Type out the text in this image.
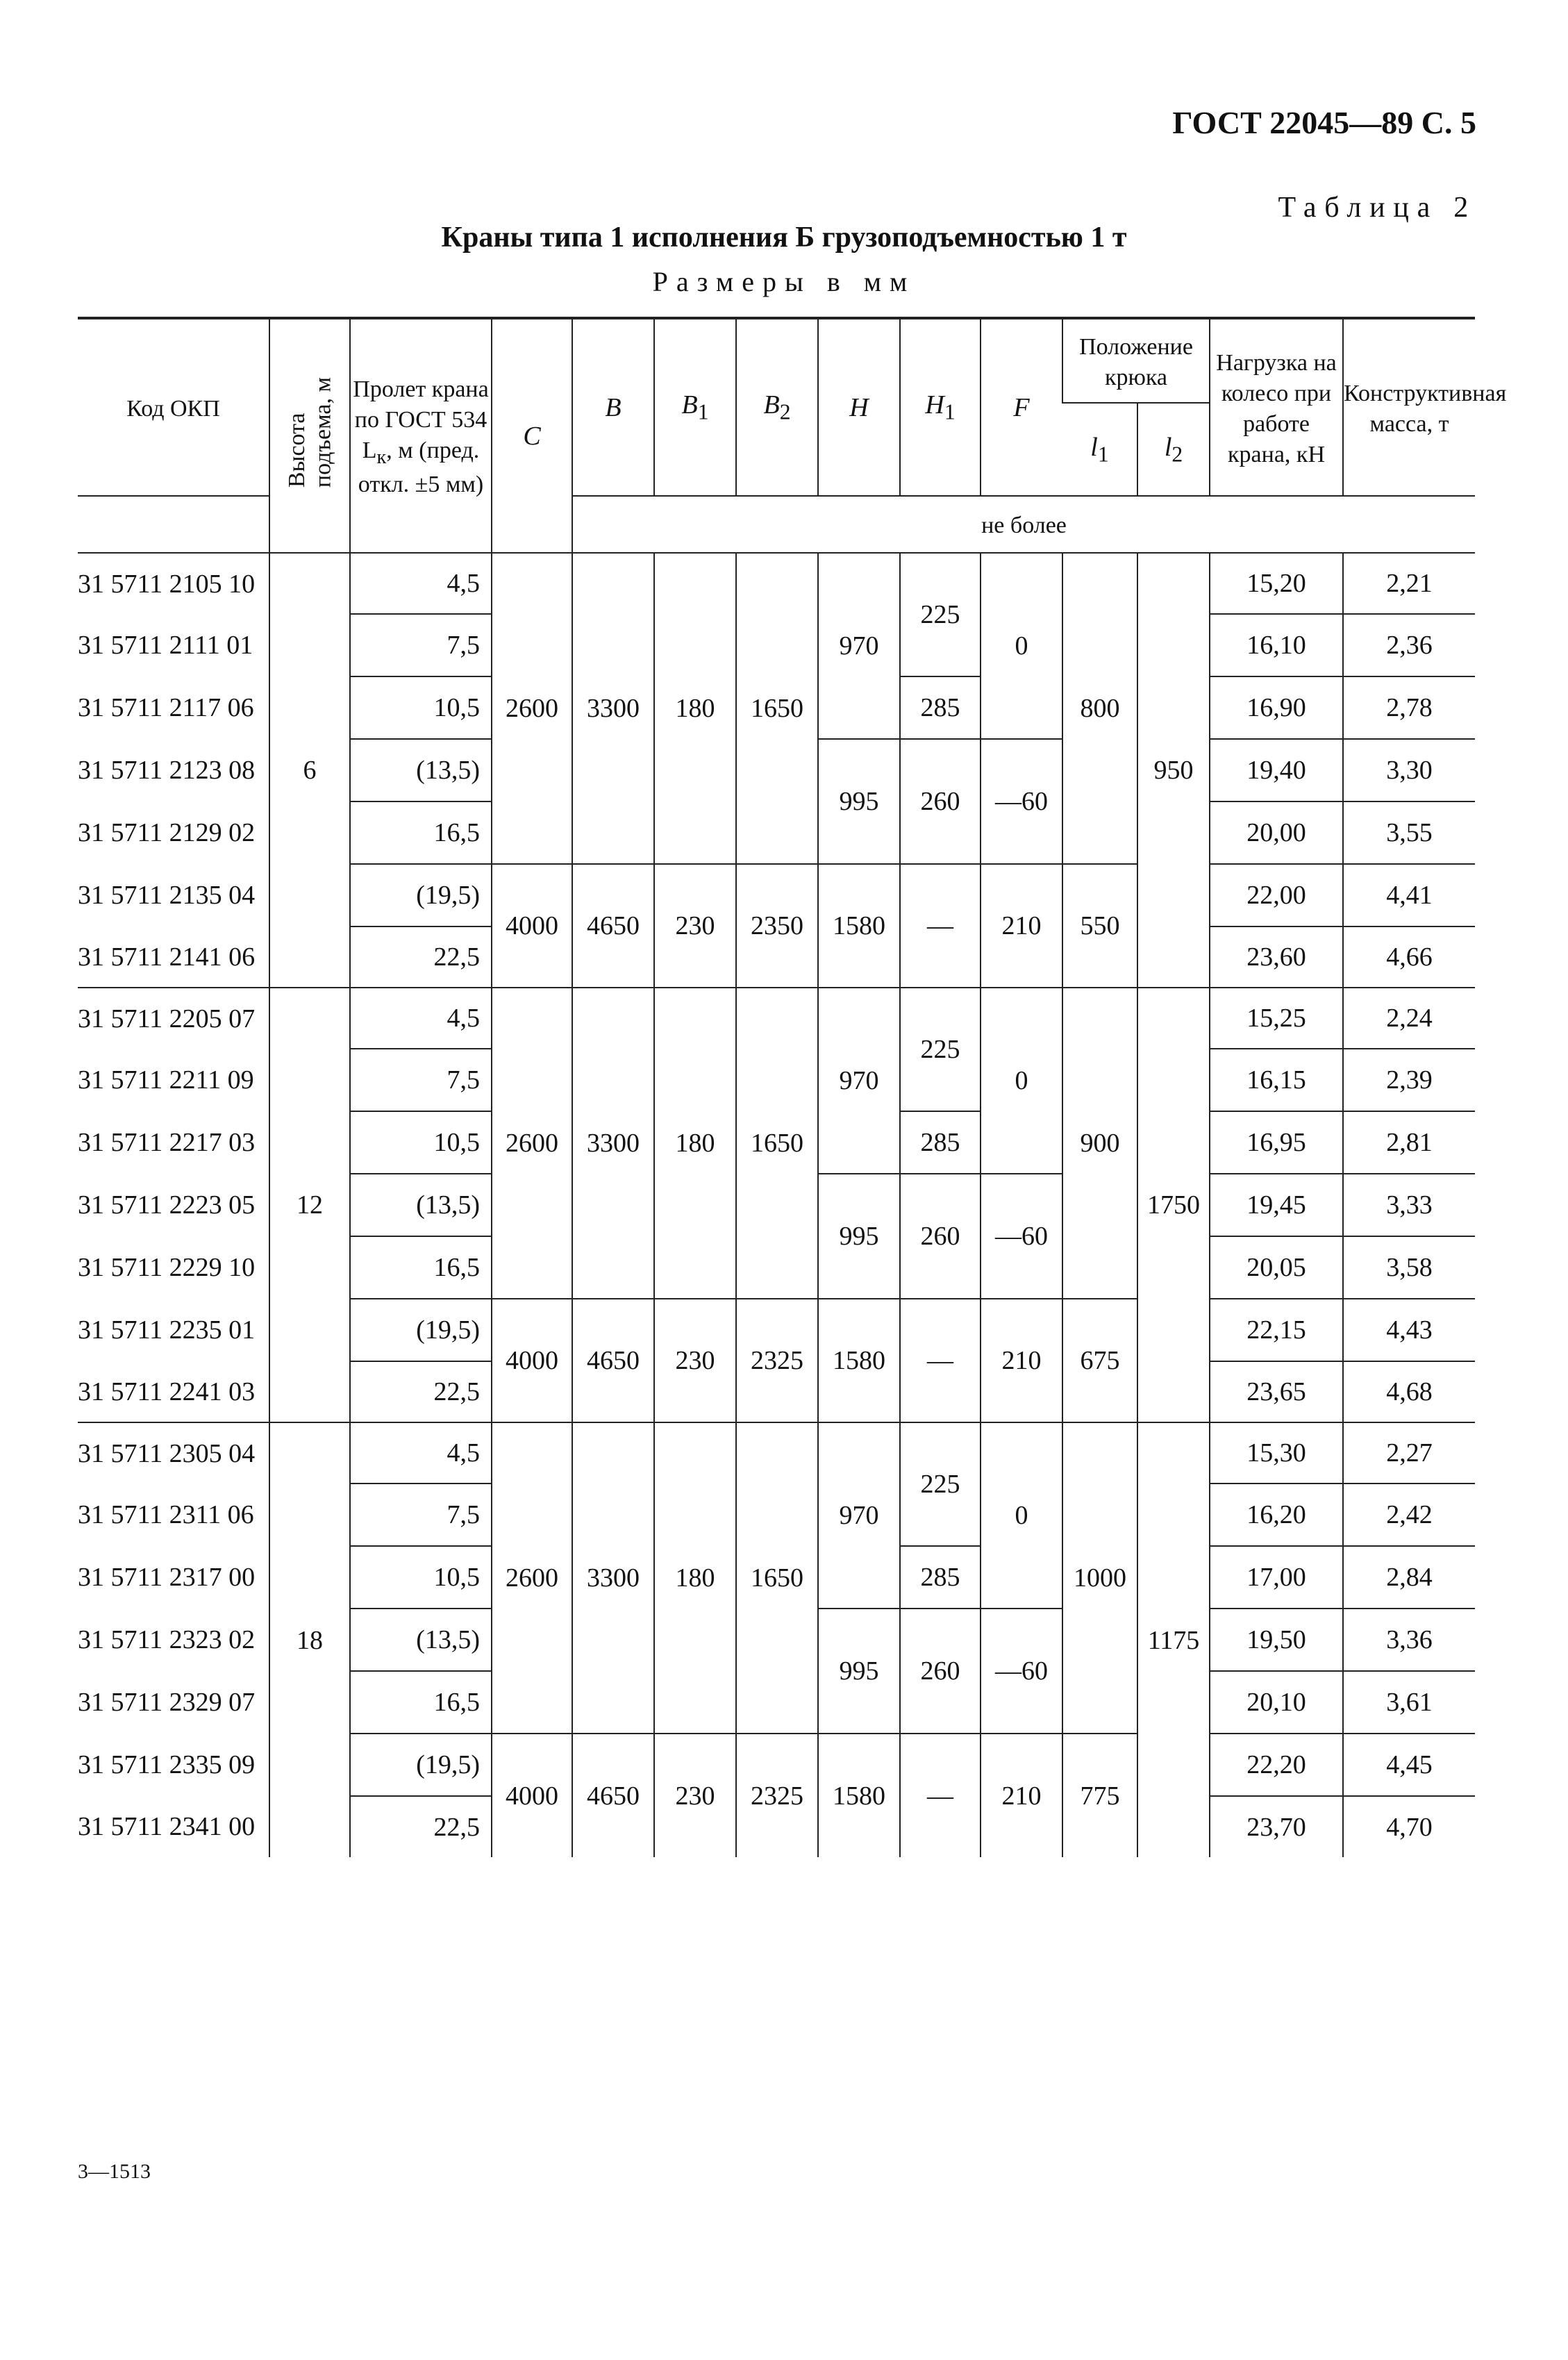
ГОСТ 22045—89 С. 5
Таблица 2
Краны типа 1 исполнения Б грузоподъемностью 1 т
Размеры в мм
Код ОКП	Высота
подъема, м	Пролет крана по ГОСТ 534 $L_к$, м (пред. откл. ±5 мм)	C	B	$B_1$	$B_2$	H	$H_1$	F	Положение крюка		Нагрузка на колесо при работе крана, кН	Конструктивная масса, т
										$l_1$	$l_2$
				не более									
31 5711 2105 10	6	4,5	2600	3300	180	1650	970	225	0	800	950	15,20	2,21
31 5711 2111 01		7,5										16,10	2,36
31 5711 2117 06		10,5						285				16,90	2,78
31 5711 2123 08		(13,5)					995	260	—60			19,40	3,30
31 5711 2129 02		16,5										20,00	3,55
31 5711 2135 04		(19,5)	4000	4650	230	2350	1580	—	210	550		22,00	4,41
31 5711 2141 06		22,5										23,60	4,66
31 5711 2205 07	12	4,5	2600	3300	180	1650	970	225	0	900	1750	15,25	2,24
31 5711 2211 09		7,5										16,15	2,39
31 5711 2217 03		10,5						285				16,95	2,81
31 5711 2223 05		(13,5)					995	260	—60			19,45	3,33
31 5711 2229 10		16,5										20,05	3,58
31 5711 2235 01		(19,5)	4000	4650	230	2325	1580	—	210	675		22,15	4,43
31 5711 2241 03		22,5										23,65	4,68
31 5711 2305 04	18	4,5	2600	3300	180	1650	970	225	0	1000	1175	15,30	2,27
31 5711 2311 06		7,5										16,20	2,42
31 5711 2317 00		10,5						285				17,00	2,84
31 5711 2323 02		(13,5)					995	260	—60			19,50	3,36
31 5711 2329 07		16,5										20,10	3,61
31 5711 2335 09		(19,5)	4000	4650	230	2325	1580	—	210	775		22,20	4,45
31 5711 2341 00		22,5										23,70	4,70
3—1513
